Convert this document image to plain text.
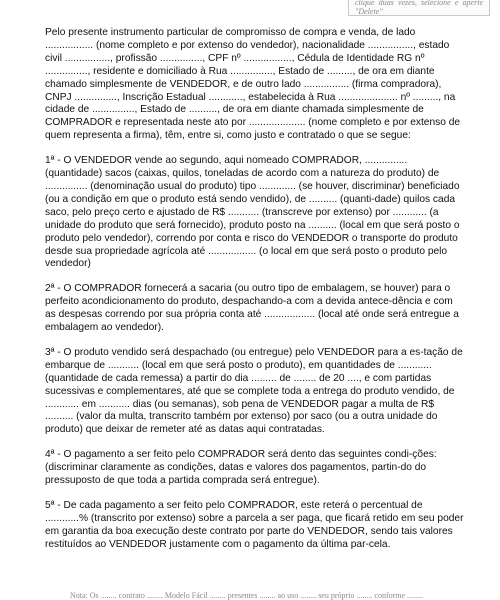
clique duas vezes, selecione e aperte "Delete"

Pelo presente instrumento particular de compromisso de compra e venda, de lado ................. (nome completo e por extenso do vendedor), nacionalidade ................, estado civil ................, profissão ..............., CPF nº ................., Cédula de Identidade RG nº ..............., residente e domiciliado à Rua ..............., Estado de ........., de ora em diante chamado simplesmente de VENDEDOR, e de outro lado ................ (firma compradora), CNPJ ..............., Inscrição Estadual ............, estabelecida à Rua ..................... nº ........., na cidade de ..............., Estado de .........., de ora em diante chamada simplesmente de COMPRADOR e representada neste ato por .................... (nome completo e por extenso de quem representa a firma), têm, entre si, como justo e contratado o que se segue:

1ª - O VENDEDOR vende ao segundo, aqui nomeado COMPRADOR, ............... (quantidade) sacos (caixas, quilos, toneladas de acordo com a natureza do produto) de ............... (denominação usual do produto) tipo ............. (se houver, discriminar) beneficiado (ou a condição em que o produto está sendo vendido), de .......... (quanti-dade) quilos cada saco, pelo preço certo e ajustado de R$ ........... (transcreve por extenso) por ............ (a unidade do produto que será fornecido), produto posto na .......... (local em que será posto o produto pelo vendedor), correndo por conta e risco do VENDEDOR o transporte do produto desde sua propriedade agrícola até ................. (o local em que será posto o produto pelo vendedor)

2ª - O COMPRADOR fornecerá a sacaria (ou outro tipo de embalagem, se houver) para o perfeito acondicionamento do produto, despachando-a com a devida antece-dência e com as despesas correndo por sua própria conta até .................. (local até onde será entregue a embalagem ao vendedor).

3ª - O produto vendido será despachado (ou entregue) pelo VENDEDOR para a es-tação de embarque de ........... (local em que será posto o produto), em quantidades de ............ (quantidade de cada remessa) a partir do dia ......... de ........ de 20 ...., e com partidas sucessivas e complementares, até que se complete toda a entrega do produto vendido, de ............ em ........... dias (ou semanas), sob pena de VENDEDOR pagar a multa de R$ .......... (valor da multa, transcrito também por extenso) por saco (ou a outra unidade do produto) que deixar de remeter até as datas aqui contratadas.

4ª - O pagamento a ser feito pelo COMPRADOR será dento das seguintes condi-ções: (discriminar claramente as condições, datas e valores dos pagamentos, partin-do do pressuposto de que toda a partida comprada será entregue).

5ª - De cada pagamento a ser feito pelo COMPRADOR, este reterá o percentual de ............% (transcrito por extenso) sobre a parcela a ser paga, que ficará retido em seu poder em garantia da boa execução deste contrato por parte do VENDEDOR, sendo tais valores restituídos ao VENDEDOR justamente com o pagamento da última par-cela.

Nota: Os ........ contrato ........ Modelo Fácil ........ presentes ........ ao uso ........ seu próprio ........ conforme ........
